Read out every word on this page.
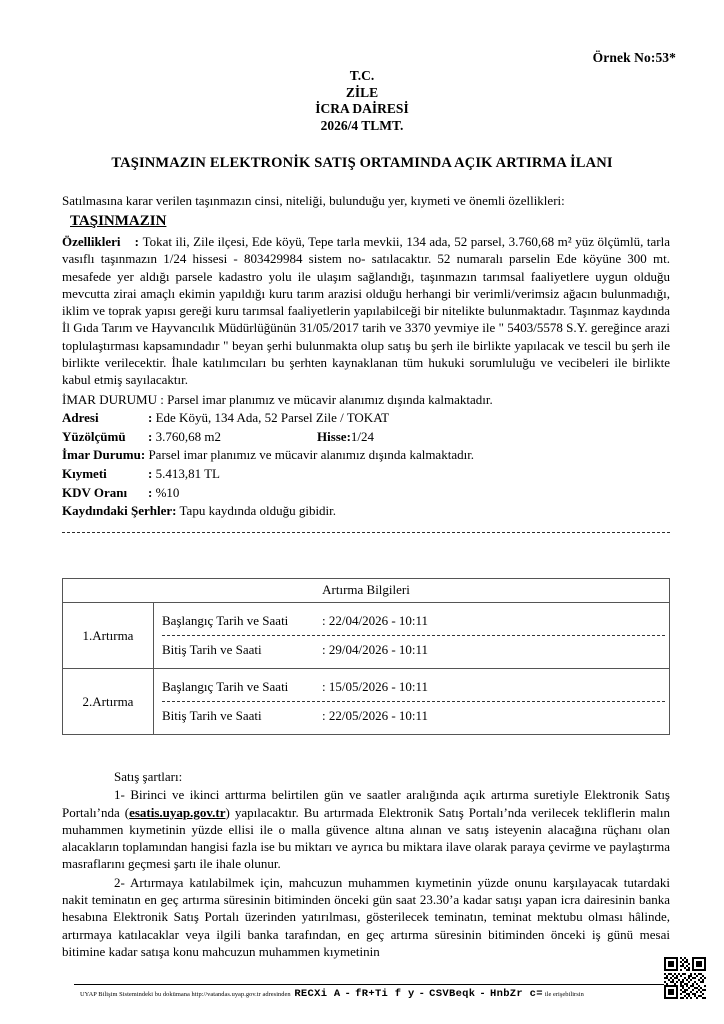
Örnek No:53*
T.C.
ZİLE
İCRA DAİRESİ
2026/4 TLMT.
TAŞINMAZIN ELEKTRONİK SATIŞ ORTAMINDA AÇIK ARTIRMA İLANI
Satılmasına karar verilen taşınmazın cinsi, niteliği, bulunduğu yer, kıymeti ve önemli özellikleri:
TAŞINMAZIN
Özellikleri : Tokat ili, Zile ilçesi, Ede köyü, Tepe tarla mevkii, 134 ada, 52 parsel, 3.760,68 m² yüz ölçümlü, tarla vasıflı taşınmazın 1/24 hissesi - 803429984 sistem no- satılacaktır. 52 numaralı parselin Ede köyüne 300 mt. mesafede yer aldığı parsele kadastro yolu ile ulaşım sağlandığı, taşınmazın tarımsal faaliyetlere uygun olduğu mevcutta zirai amaçlı ekimin yapıldığı kuru tarım arazisi olduğu herhangi bir verimli/verimsiz ağacın bulunmadığı, iklim ve toprak yapısı gereği kuru tarımsal faaliyetlerin yapılabilceği bir nitelikte bulunmaktadır. Taşınmaz kaydında İl Gıda Tarım ve Hayvancılık Müdürlüğünün 31/05/2017 tarih ve 3370 yevmiye ile " 5403/5578 S.Y. gereğince arazi toplulaştırması kapsamındadır " beyan şerhi bulunmakta olup satış bu şerh ile birlikte yapılacak ve tescil bu şerh ile birlikte verilecektir. İhale katılımcıları bu şerhten kaynaklanan tüm hukuki sorumluluğu ve vecibeleri ile birlikte kabul etmiş sayılacaktır.
İMAR DURUMU : Parsel imar planımız ve mücavir alanımız dışında kalmaktadır.
Adresi	: Ede Köyü, 134 Ada, 52 Parsel Zile / TOKAT
Yüzölçümü : 3.760,68 m2	Hisse:1/24
İmar Durumu: Parsel imar planımız ve mücavir alanımız dışında kalmaktadır.
Kıymeti	: 5.413,81 TL
KDV Oranı : %10
Kaydındaki Şerhler: Tapu kaydında olduğu gibidir.
Artırma Bilgileri	
1.Artırma	Başlangıç Tarih ve Saati : 22/04/2026 - 10:11
Bitiş Tarih ve Saati : 29/04/2026 - 10:11

2.Artırma	Başlangıç Tarih ve Saati : 15/05/2026 - 10:11
Bitiş Tarih ve Saati : 22/05/2026 - 10:11
Satış şartları:
1- Birinci ve ikinci arttırma belirtilen gün ve saatler aralığında açık artırma suretiyle Elektronik Satış Portalı’nda (esatis.uyap.gov.tr) yapılacaktır. Bu artırmada Elektronik Satış Portalı’nda verilecek tekliflerin malın muhammen kıymetinin yüzde ellisi ile o malla güvence altına alınan ve satış isteyenin alacağına rüçhanı olan alacakların toplamından hangisi fazla ise bu miktarı ve ayrıca bu miktara ilave olarak paraya çevirme ve paylaştırma masraflarını geçmesi şartı ile ihale olunur.
2- Artırmaya katılabilmek için, mahcuzun muhammen kıymetinin yüzde onunu karşılayacak tutardaki nakit teminatın en geç artırma süresinin bitiminden önceki gün saat 23.30’a kadar satışı yapan icra dairesinin banka hesabına Elektronik Satış Portalı üzerinden yatırılması, gösterilecek teminatın, teminat mektubu olması hâlinde, artırmaya katılacaklar veya ilgili banka tarafından, en geç artırma süresinin bitiminden önceki iş günü mesai bitimine kadar satışa konu mahcuzun muhammen kıymetinin
UYAP Bilişim Sistemindeki bu dokümana http://vatandas.uyap.gov.tr adresinden RECXi A - fR+Ti f y - CSVBeqk - HnbZr c= ile erişebilirsin
